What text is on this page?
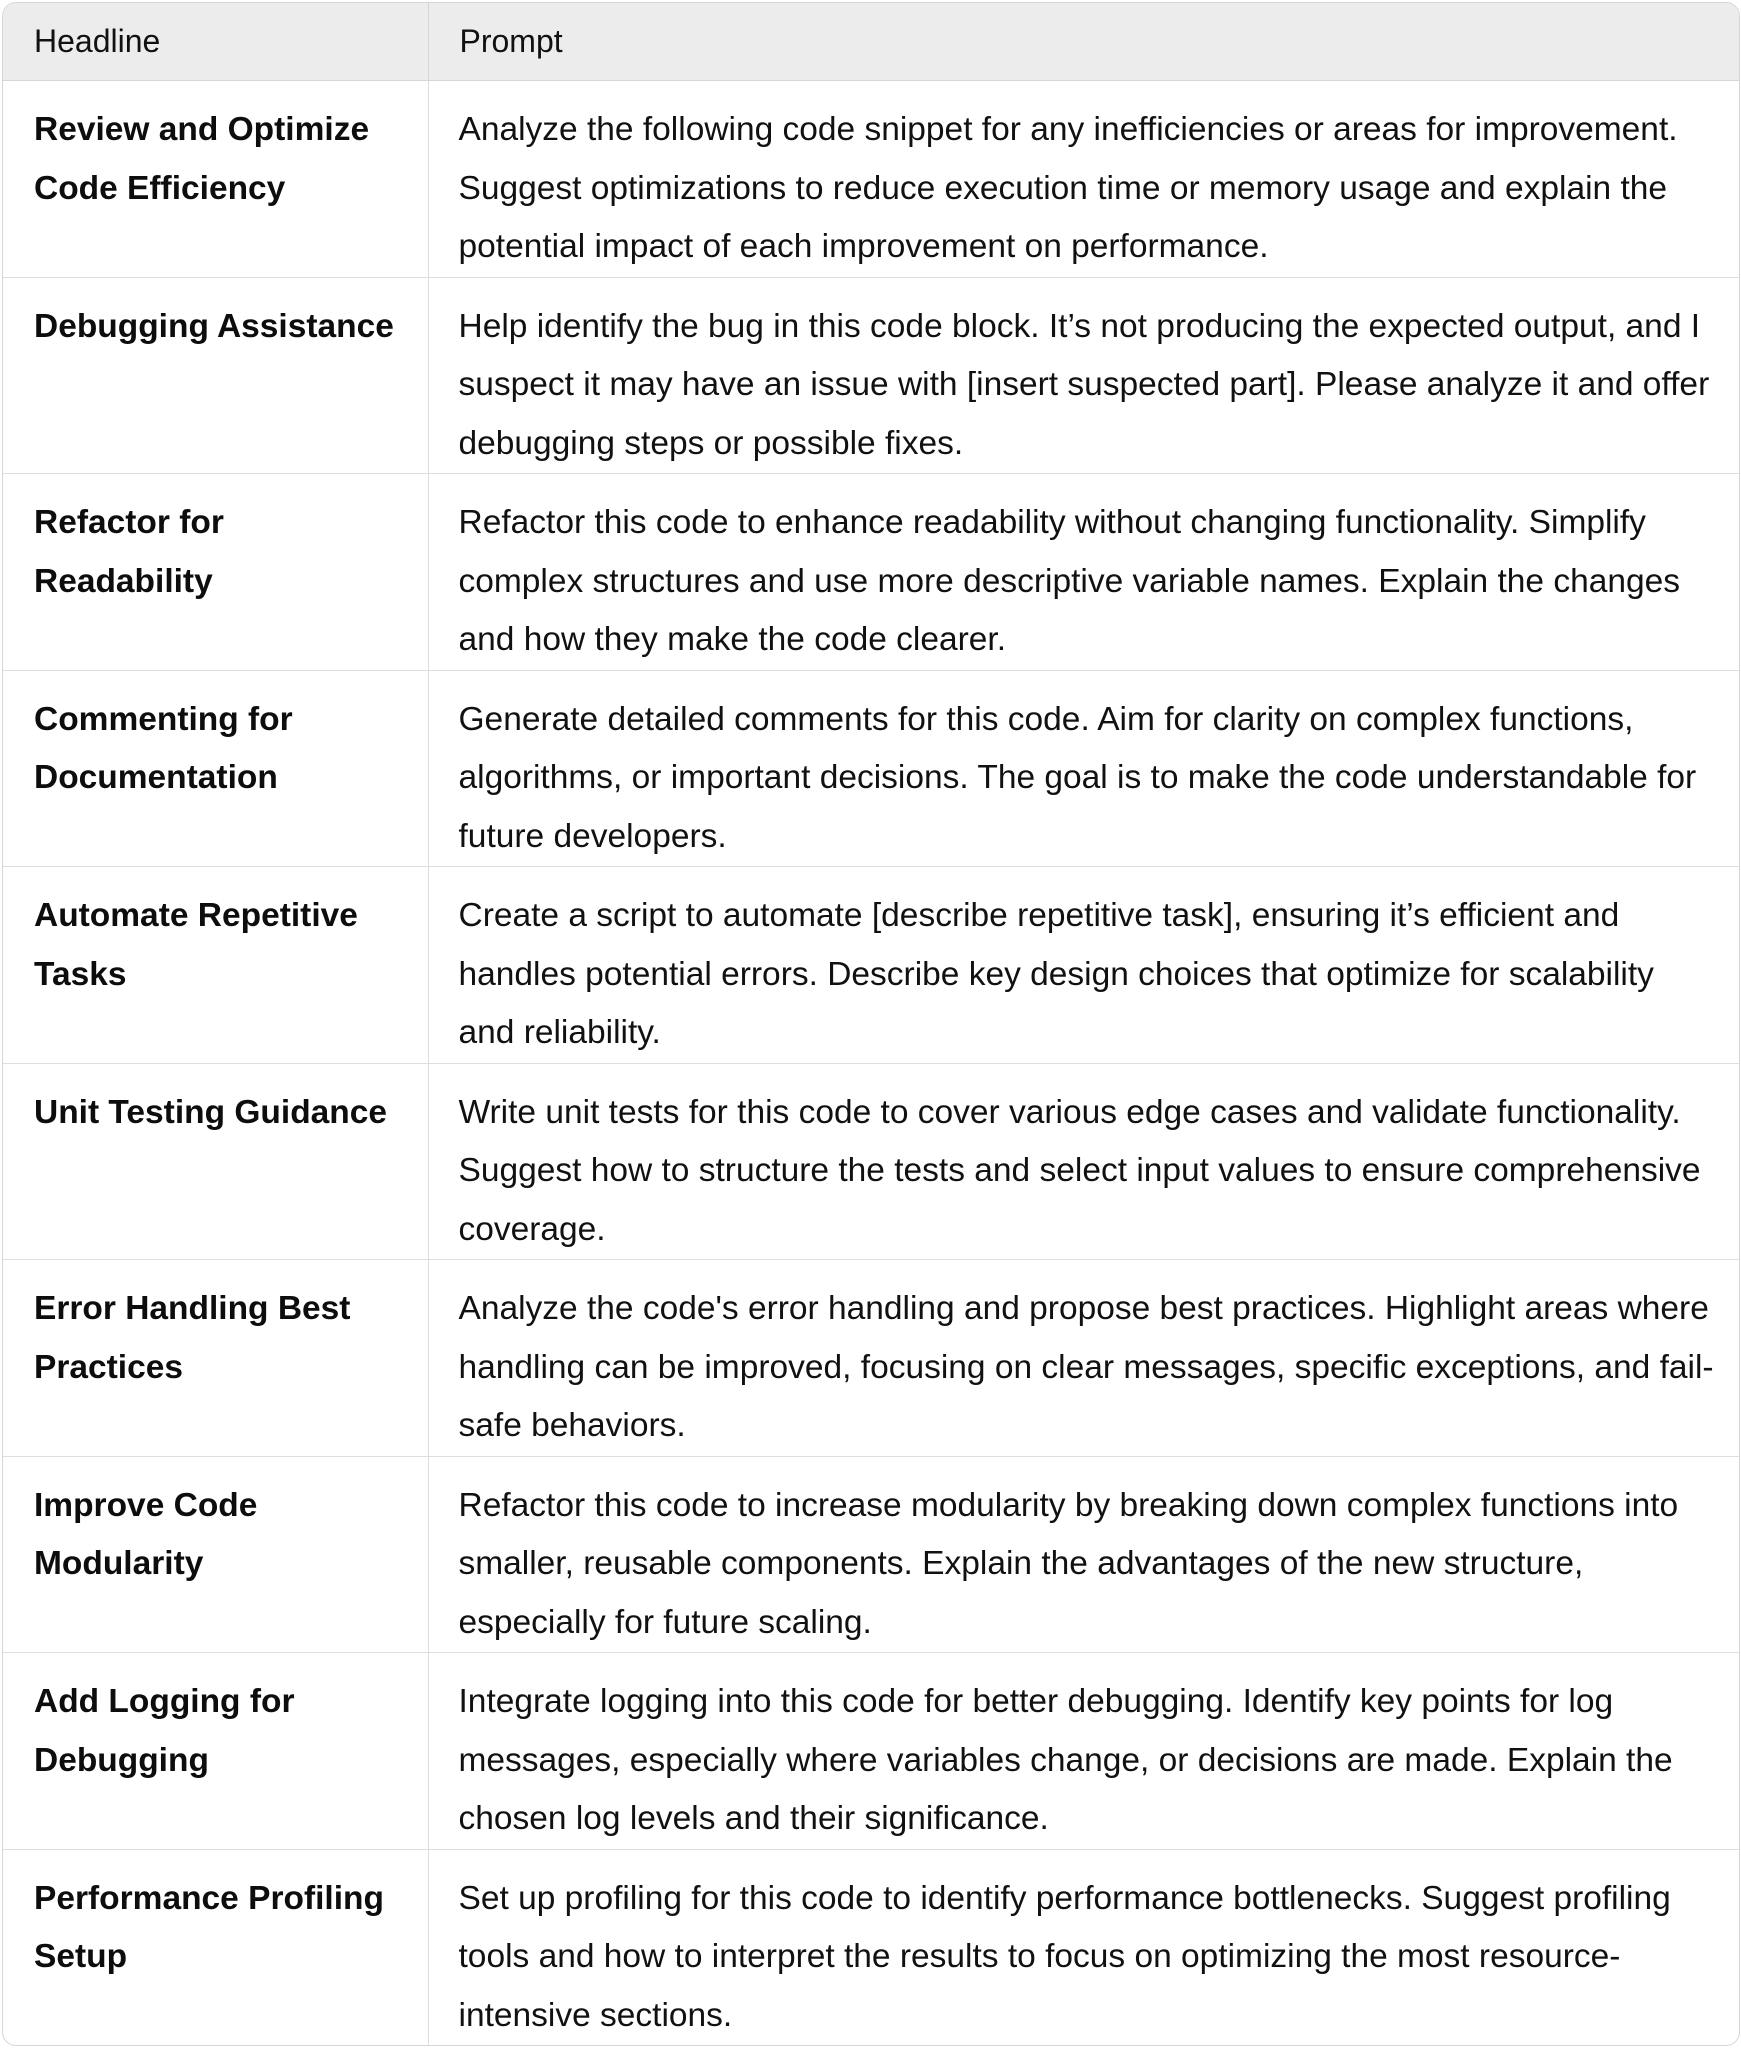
Headline	Prompt
Review and Optimize Code Efficiency	Analyze the following code snippet for any inefficiencies or areas for improvement. Suggest optimizations to reduce execution time or memory usage and explain the potential impact of each improvement on performance.
Debugging Assistance	Help identify the bug in this code block. It’s not producing the expected output, and I suspect it may have an issue with [insert suspected part]. Please analyze it and offer debugging steps or possible fixes.
Refactor for Readability	Refactor this code to enhance readability without changing functionality. Simplify complex structures and use more descriptive variable names. Explain the changes and how they make the code clearer.
Commenting for Documentation	Generate detailed comments for this code. Aim for clarity on complex functions, algorithms, or important decisions. The goal is to make the code understandable for future developers.
Automate Repetitive Tasks	Create a script to automate [describe repetitive task], ensuring it’s efficient and handles potential errors. Describe key design choices that optimize for scalability and reliability.
Unit Testing Guidance	Write unit tests for this code to cover various edge cases and validate functionality. Suggest how to structure the tests and select input values to ensure comprehensive coverage.
Error Handling Best Practices	Analyze the code's error handling and propose best practices. Highlight areas where handling can be improved, focusing on clear messages, specific exceptions, and fail-safe behaviors.
Improve Code Modularity	Refactor this code to increase modularity by breaking down complex functions into smaller, reusable components. Explain the advantages of the new structure, especially for future scaling.
Add Logging for Debugging	Integrate logging into this code for better debugging. Identify key points for log messages, especially where variables change, or decisions are made. Explain the chosen log levels and their significance.
Performance Profiling Setup	Set up profiling for this code to identify performance bottlenecks. Suggest profiling tools and how to interpret the results to focus on optimizing the most resource-intensive sections.
